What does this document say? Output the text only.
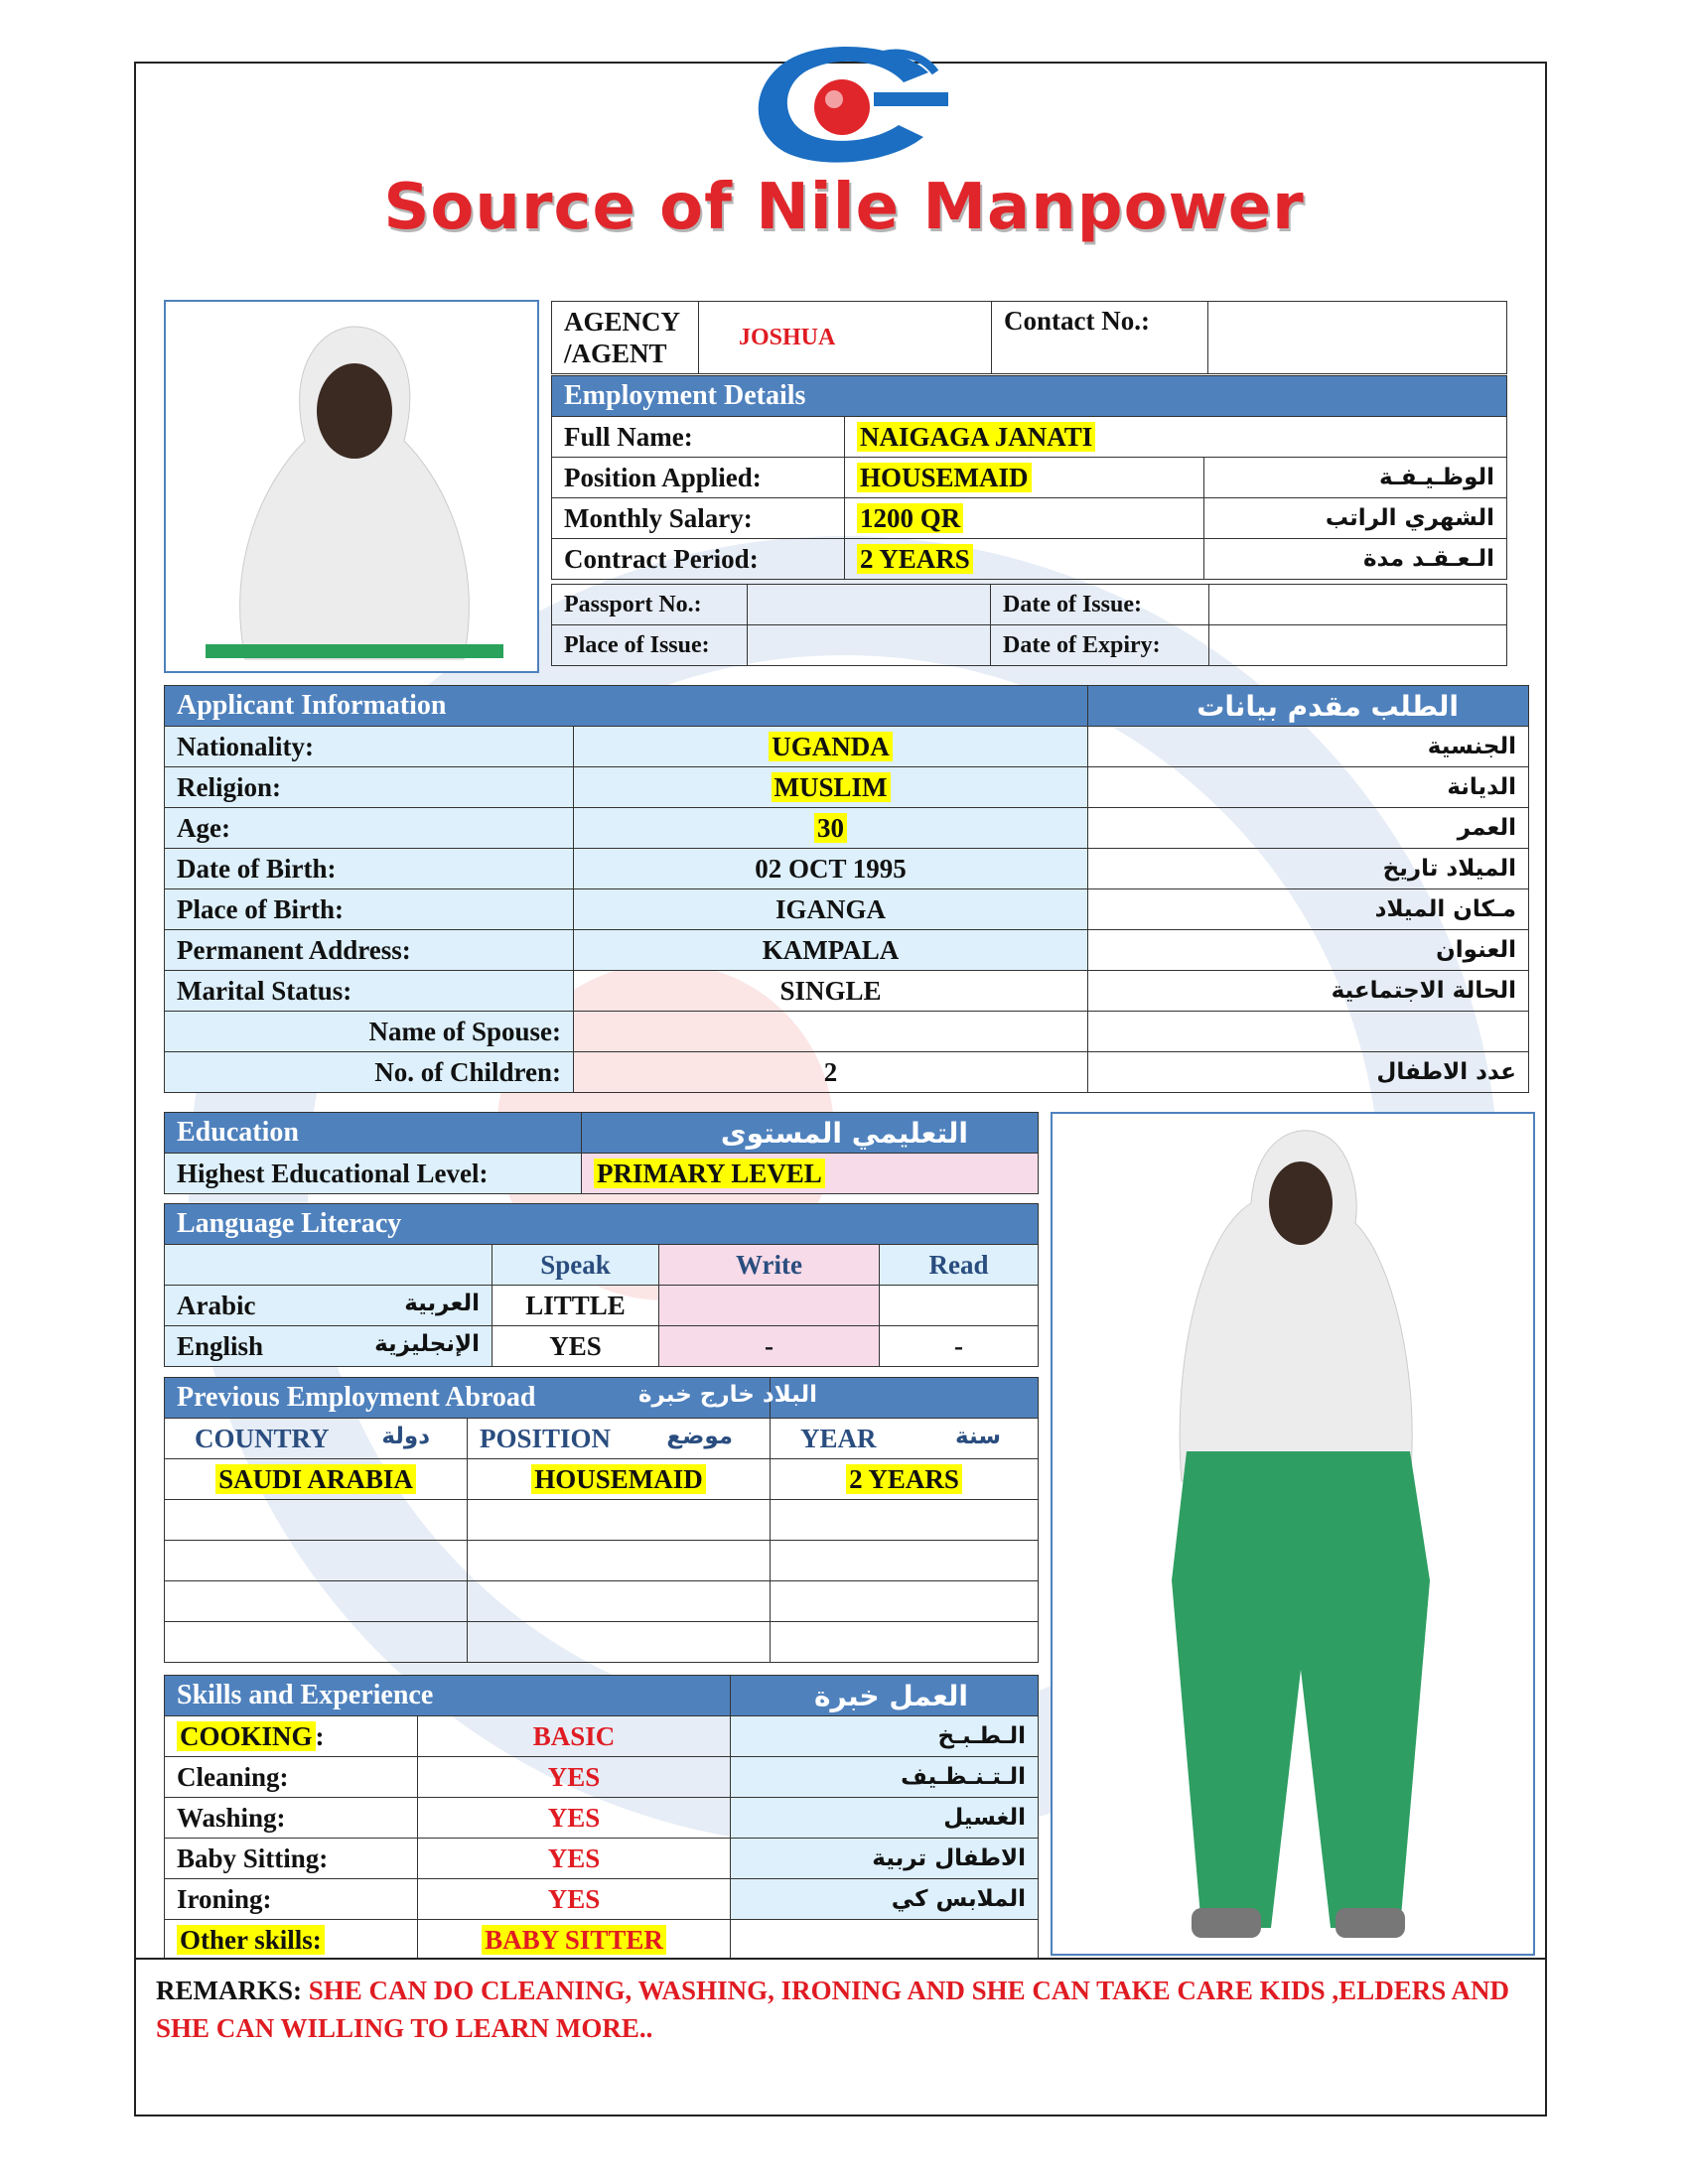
Source of Nile Manpower
AGENCY /AGENT	JOSHUA	Contact No.:	
Employment Details		
Full Name:	NAIGAGA JANATI	
Position Applied:	HOUSEMAID	الوظـيـفـة
Monthly Salary:	1200 QR	الشهري الراتب
Contract Period:	2 YEARS	الـعـقـد مدة
Passport No.:		Date of Issue:	
Place of Issue:		Date of Expiry:	
Applicant Information		الطلب مقدم بيانات
Nationality:	UGANDA	الجنسية
Religion:	MUSLIM	الديانة
Age:	30	العمر
Date of Birth:	02 OCT 1995	الميلاد تاريخ
Place of Birth:	IGANGA	مـكان الميلاد
Permanent Address:	KAMPALA	العنوان
Marital Status:	SINGLE	الحالة الاجتماعية
Name of Spouse:		
No. of Children:	2	عدد الاطفال
Education	التعليمي المستوى
Highest Educational Level:	PRIMARY LEVEL
Language Literacy			
	Speak	Write	Read
Arabic العربية	LITTLE		
English الإنجليزية	YES	-	-
Previous Employment Abroad البلاد خارج خبرة		

COUNTRY دولة	POSITION موضع	YEAR سنة

SAUDI ARABIA	HOUSEMAID	2 YEARS

Skills and Experience		العمل خبرة
COOKING :	BASIC	الـطـبـخ
Cleaning:	YES	الـتـنـظـيف
Washing:	YES	الغسيل
Baby Sitting:	YES	الاطفال تربية
Ironing:	YES	الملابس كي
Other skills:	BABY SITTER	
REMARKS: SHE CAN DO CLEANING, WASHING, IRONING AND SHE CAN TAKE CARE KIDS ,ELDERS AND SHE CAN WILLING TO LEARN MORE..
